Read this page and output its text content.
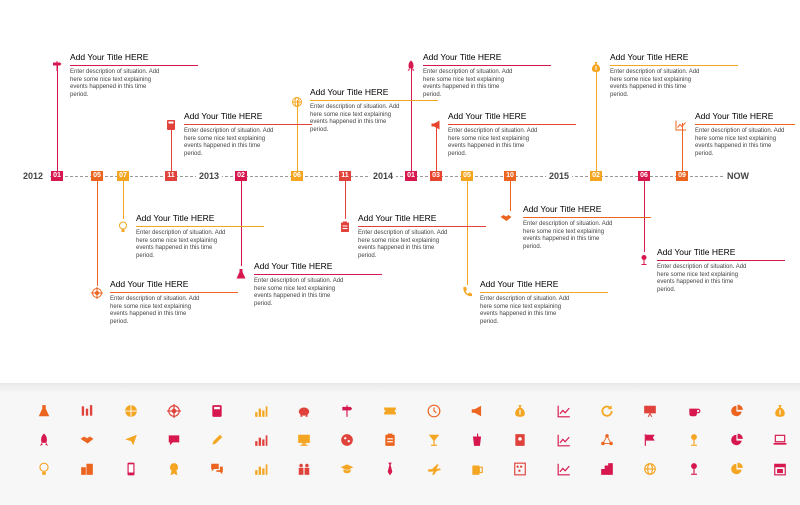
2012	2013	2014	2015	NOW
01	05	07	11	02	06	11	01	03	05	10	02	06	09
Add Your Title HERE
Enter description of situation. Add here some nice text explaining events happened in this time period.
Add Your Title HERE
Enter description of situation. Add here some nice text explaining events happened in this time period.
Add Your Title HERE
Enter description of situation. Add here some nice text explaining events happened in this time period.
Add Your Title HERE
Enter description of situation. Add here some nice text explaining events happened in this time period.
Add Your Title HERE
Enter description of situation. Add here some nice text explaining events happened in this time period.
Add Your Title HERE
Enter description of situation. Add here some nice text explaining events happened in this time period.
Add Your Title HERE
Enter description of situation. Add here some nice text explaining events happened in this time period.
Add Your Title HERE
Enter description of situation. Add here some nice text explaining events happened in this time period.
Add Your Title HERE
Enter description of situation. Add here some nice text explaining events happened in this time period.
Add Your Title HERE
Enter description of situation. Add here some nice text explaining events happened in this time period.
Add Your Title HERE
Enter description of situation. Add here some nice text explaining events happened in this time period.
Add Your Title HERE
Enter description of situation. Add here some nice text explaining events happened in this time period.
Add Your Title HERE
Enter description of situation. Add here some nice text explaining events happened in this time period.
Add Your Title HERE
Enter description of situation. Add here some nice text explaining events happened in this time period.
